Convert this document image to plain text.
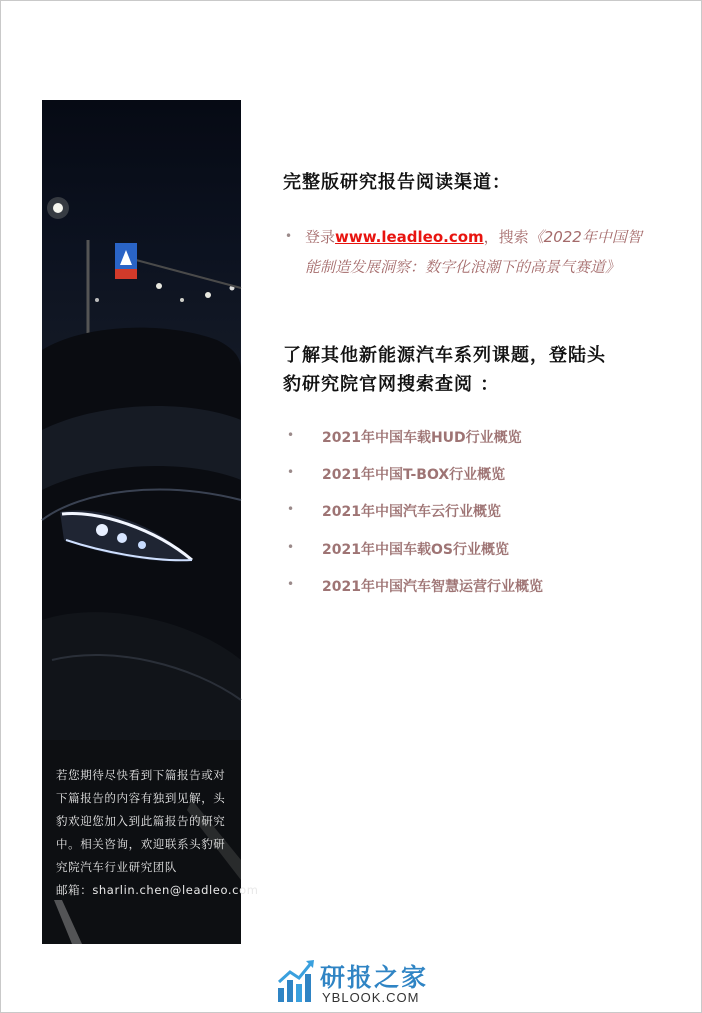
若您期待尽快看到下篇报告或对
下篇报告的内容有独到见解，头
豹欢迎您加入到此篇报告的研究
中。相关咨询，欢迎联系头豹研
究院汽车行业研究团队
邮箱：sharlin.chen@leadleo.com
完整版研究报告阅读渠道：
• 登录www.leadleo.com，搜索《2022年中国智能制造发展洞察：数字化浪潮下的高景气赛道》
了解其他新能源汽车系列课题，登陆头
豹研究院官网搜索查阅 ：
• 2021年中国车载HUD行业概览
• 2021年中国T-BOX行业概览
• 2021年中国汽车云行业概览
• 2021年中国车载OS行业概览
• 2021年中国汽车智慧运营行业概览
研报之家
YBLOOK.COM
